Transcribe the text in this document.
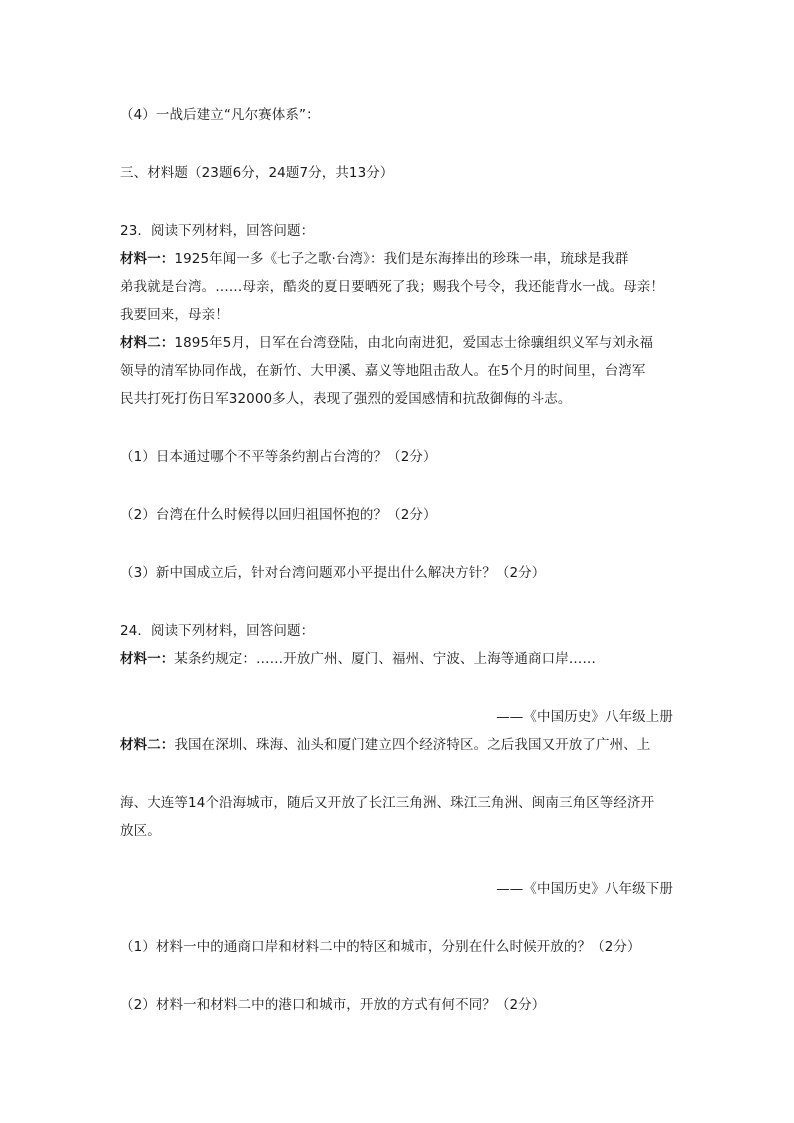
（4）一战后建立“凡尔赛体系”：
三、材料题（23题6分，24题7分，共13分）
23．阅读下列材料，回答问题：
材料一：1925年闻一多《七子之歌·台湾》：我们是东海捧出的珍珠一串，琉球是我群
弟我就是台湾。……母亲，酷炎的夏日要晒死了我；赐我个号令，我还能背水一战。母亲！
我要回来，母亲！
材料二：1895年5月，日军在台湾登陆，由北向南进犯，爱国志士徐骧组织义军与刘永福
领导的清军协同作战，在新竹、大甲溪、嘉义等地阻击敌人。在5个月的时间里，台湾军
民共打死打伤日军32000多人，表现了强烈的爱国感情和抗敌御侮的斗志。
（1）日本通过哪个不平等条约割占台湾的？（2分）
（2）台湾在什么时候得以回归祖国怀抱的？（2分）
（3）新中国成立后，针对台湾问题邓小平提出什么解决方针？（2分）
24．阅读下列材料，回答问题：
材料一：某条约规定：……开放广州、厦门、福州、宁波、上海等通商口岸……
——《中国历史》八年级上册
材料二：我国在深圳、珠海、汕头和厦门建立四个经济特区。之后我国又开放了广州、上
海、大连等14个沿海城市，随后又开放了长江三角洲、珠江三角洲、闽南三角区等经济开
放区。
——《中国历史》八年级下册
（1）材料一中的通商口岸和材料二中的特区和城市，分别在什么时候开放的？（2分）
（2）材料一和材料二中的港口和城市，开放的方式有何不同？（2分）
